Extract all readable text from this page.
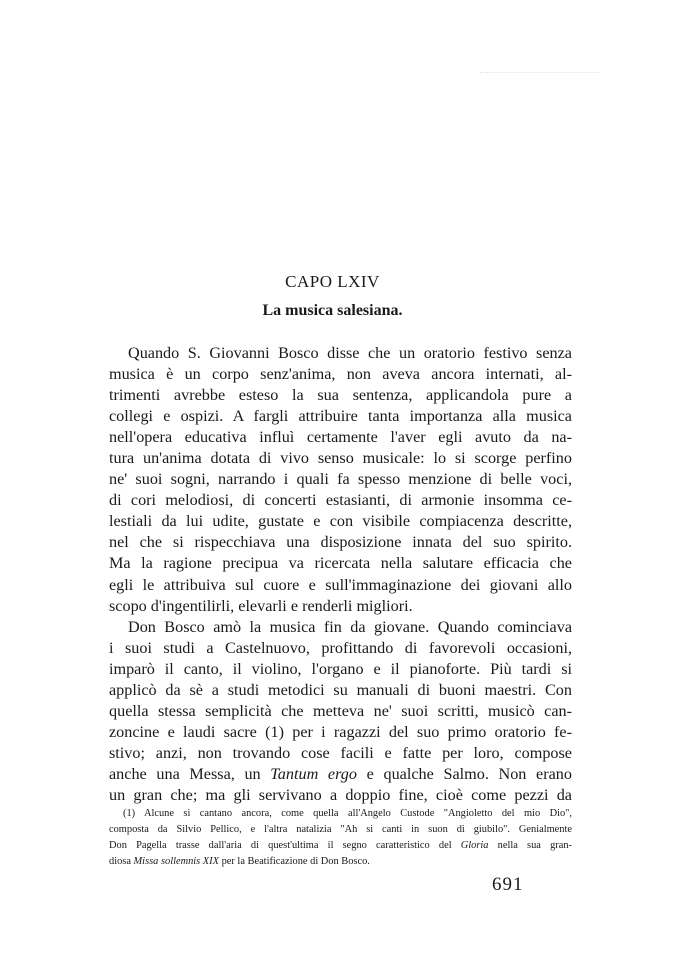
CAPO LXIV
La musica salesiana.
Quando S. Giovanni Bosco disse che un oratorio festivo senza
musica è un corpo senz'anima, non aveva ancora internati, al-
trimenti avrebbe esteso la sua sentenza, applicandola pure a
collegi e ospizi. A fargli attribuire tanta importanza alla musica
nell'opera educativa influì certamente l'aver egli avuto da na-
tura un'anima dotata di vivo senso musicale: lo si scorge perfino
ne' suoi sogni, narrando i quali fa spesso menzione di belle voci,
di cori melodiosi, di concerti estasianti, di armonie insomma ce-
lestiali da lui udite, gustate e con visibile compiacenza descritte,
nel che si rispecchiava una disposizione innata del suo spirito.
Ma la ragione precipua va ricercata nella salutare efficacia che
egli le attribuiva sul cuore e sull'immaginazione dei giovani allo
scopo d'ingentilirli, elevarli e renderli migliori.
Don Bosco amò la musica fin da giovane. Quando cominciava
i suoi studi a Castelnuovo, profittando di favorevoli occasioni,
imparò il canto, il violino, l'organo e il pianoforte. Più tardi si
applicò da sè a studi metodici su manuali di buoni maestri. Con
quella stessa semplicità che metteva ne' suoi scritti, musicò can-
zoncine e laudi sacre (1) per i ragazzi del suo primo oratorio fe-
stivo; anzi, non trovando cose facili e fatte per loro, compose
anche una Messa, un Tantum ergo e qualche Salmo. Non erano
un gran che; ma gli servivano a doppio fine, cioè come pezzi da
(1) Alcune si cantano ancora, come quella all'Angelo Custode "Angioletto del mio Dio",
composta da Silvio Pellico, e l'altra natalizia "Ah si canti in suon di giubilo". Genialmente
Don Pagella trasse dall'aria di quest'ultima il segno caratteristico del Gloria nella sua gran-
diosa Missa sollemnis XIX per la Beatificazione di Don Bosco.
691
